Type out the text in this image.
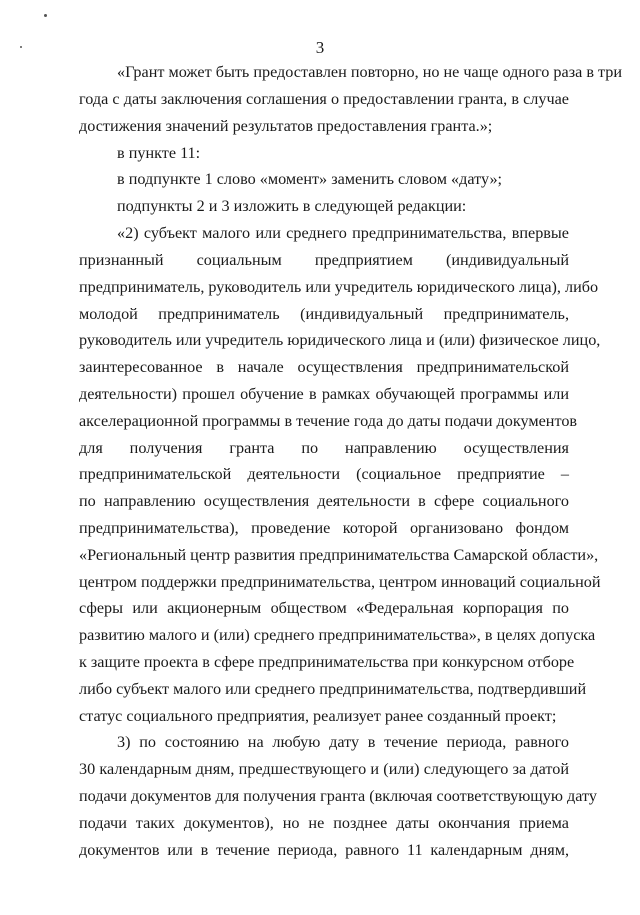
3
«Грант может быть предоставлен повторно, но не чаще одного раза в три
года с даты заключения соглашения о предоставлении гранта, в случае
достижения значений результатов предоставления гранта.»;
в пункте 11:
в подпункте 1 слово «момент» заменить словом «дату»;
подпункты 2 и 3 изложить в следующей редакции:
«2) субъект малого или среднего предпринимательства, впервые
признанный социальным предприятием (индивидуальный
предприниматель, руководитель или учредитель юридического лица), либо
молодой предприниматель (индивидуальный предприниматель,
руководитель или учредитель юридического лица и (или) физическое лицо,
заинтересованное в начале осуществления предпринимательской
деятельности) прошел обучение в рамках обучающей программы или
акселерационной программы в течение года до даты подачи документов
для получения гранта по направлению осуществления
предпринимательской деятельности (социальное предприятие –
по направлению осуществления деятельности в сфере социального
предпринимательства), проведение которой организовано фондом
«Региональный центр развития предпринимательства Самарской области»,
центром поддержки предпринимательства, центром инноваций социальной
сферы или акционерным обществом «Федеральная корпорация по
развитию малого и (или) среднего предпринимательства», в целях допуска
к защите проекта в сфере предпринимательства при конкурсном отборе
либо субъект малого или среднего предпринимательства, подтвердивший
статус социального предприятия, реализует ранее созданный проект;
3) по состоянию на любую дату в течение периода, равного
30 календарным дням, предшествующего и (или) следующего за датой
подачи документов для получения гранта (включая соответствующую дату
подачи таких документов), но не позднее даты окончания приема
документов или в течение периода, равного 11 календарным дням,
